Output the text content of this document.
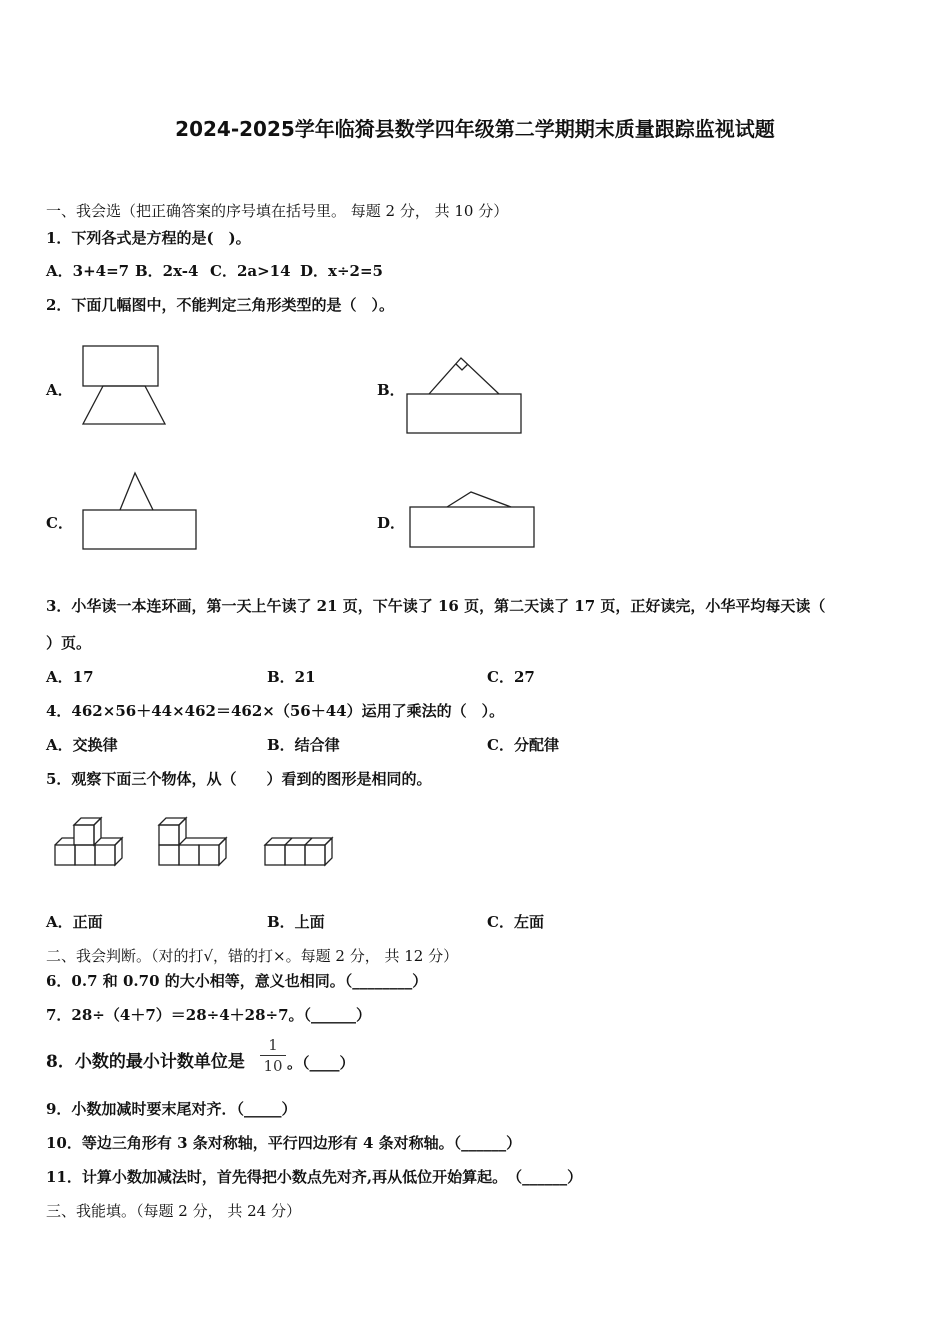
2024-2025学年临猗县数学四年级第二学期期末质量跟踪监视试题
一、我会选（把正确答案的序号填在括号里。 每题 2 分， 共 10 分）
1．下列各式是方程的是(　)。
A．3+4=7 B．2x-4 C．2a>14 D．x÷2=5
2．下面几幅图中，不能判定三角形类型的是（　）。
A．	B．
C．	D．
3．小华读一本连环画，第一天上午读了 21 页，下午读了 16 页，第二天读了 17 页，正好读完，小华平均每天读（
）页。
A．17	B．21	C．27
4．462×56＋44×462＝462×（56＋44）运用了乘法的（　）。
A．交换律	B．结合律	C．分配律
5．观察下面三个物体，从（　　）看到的图形是相同的。
A．正面	B．上面	C．左面
二、我会判断。（对的打√，错的打×。每题 2 分， 共 12 分）
6．0.7 和 0.70 的大小相等，意义也相同。（________）
7．28÷（4＋7）＝28÷4＋28÷7。（______）
8．小数的最小计数单位是
1
10 。（____）
9．小数加减时要末尾对齐．（_____）
10．等边三角形有 3 条对称轴，平行四边形有 4 条对称轴。（______）
11．计算小数加减法时，首先得把小数点先对齐,再从低位开始算起。　（______）
三、我能填。（每题 2 分， 共 24 分）
